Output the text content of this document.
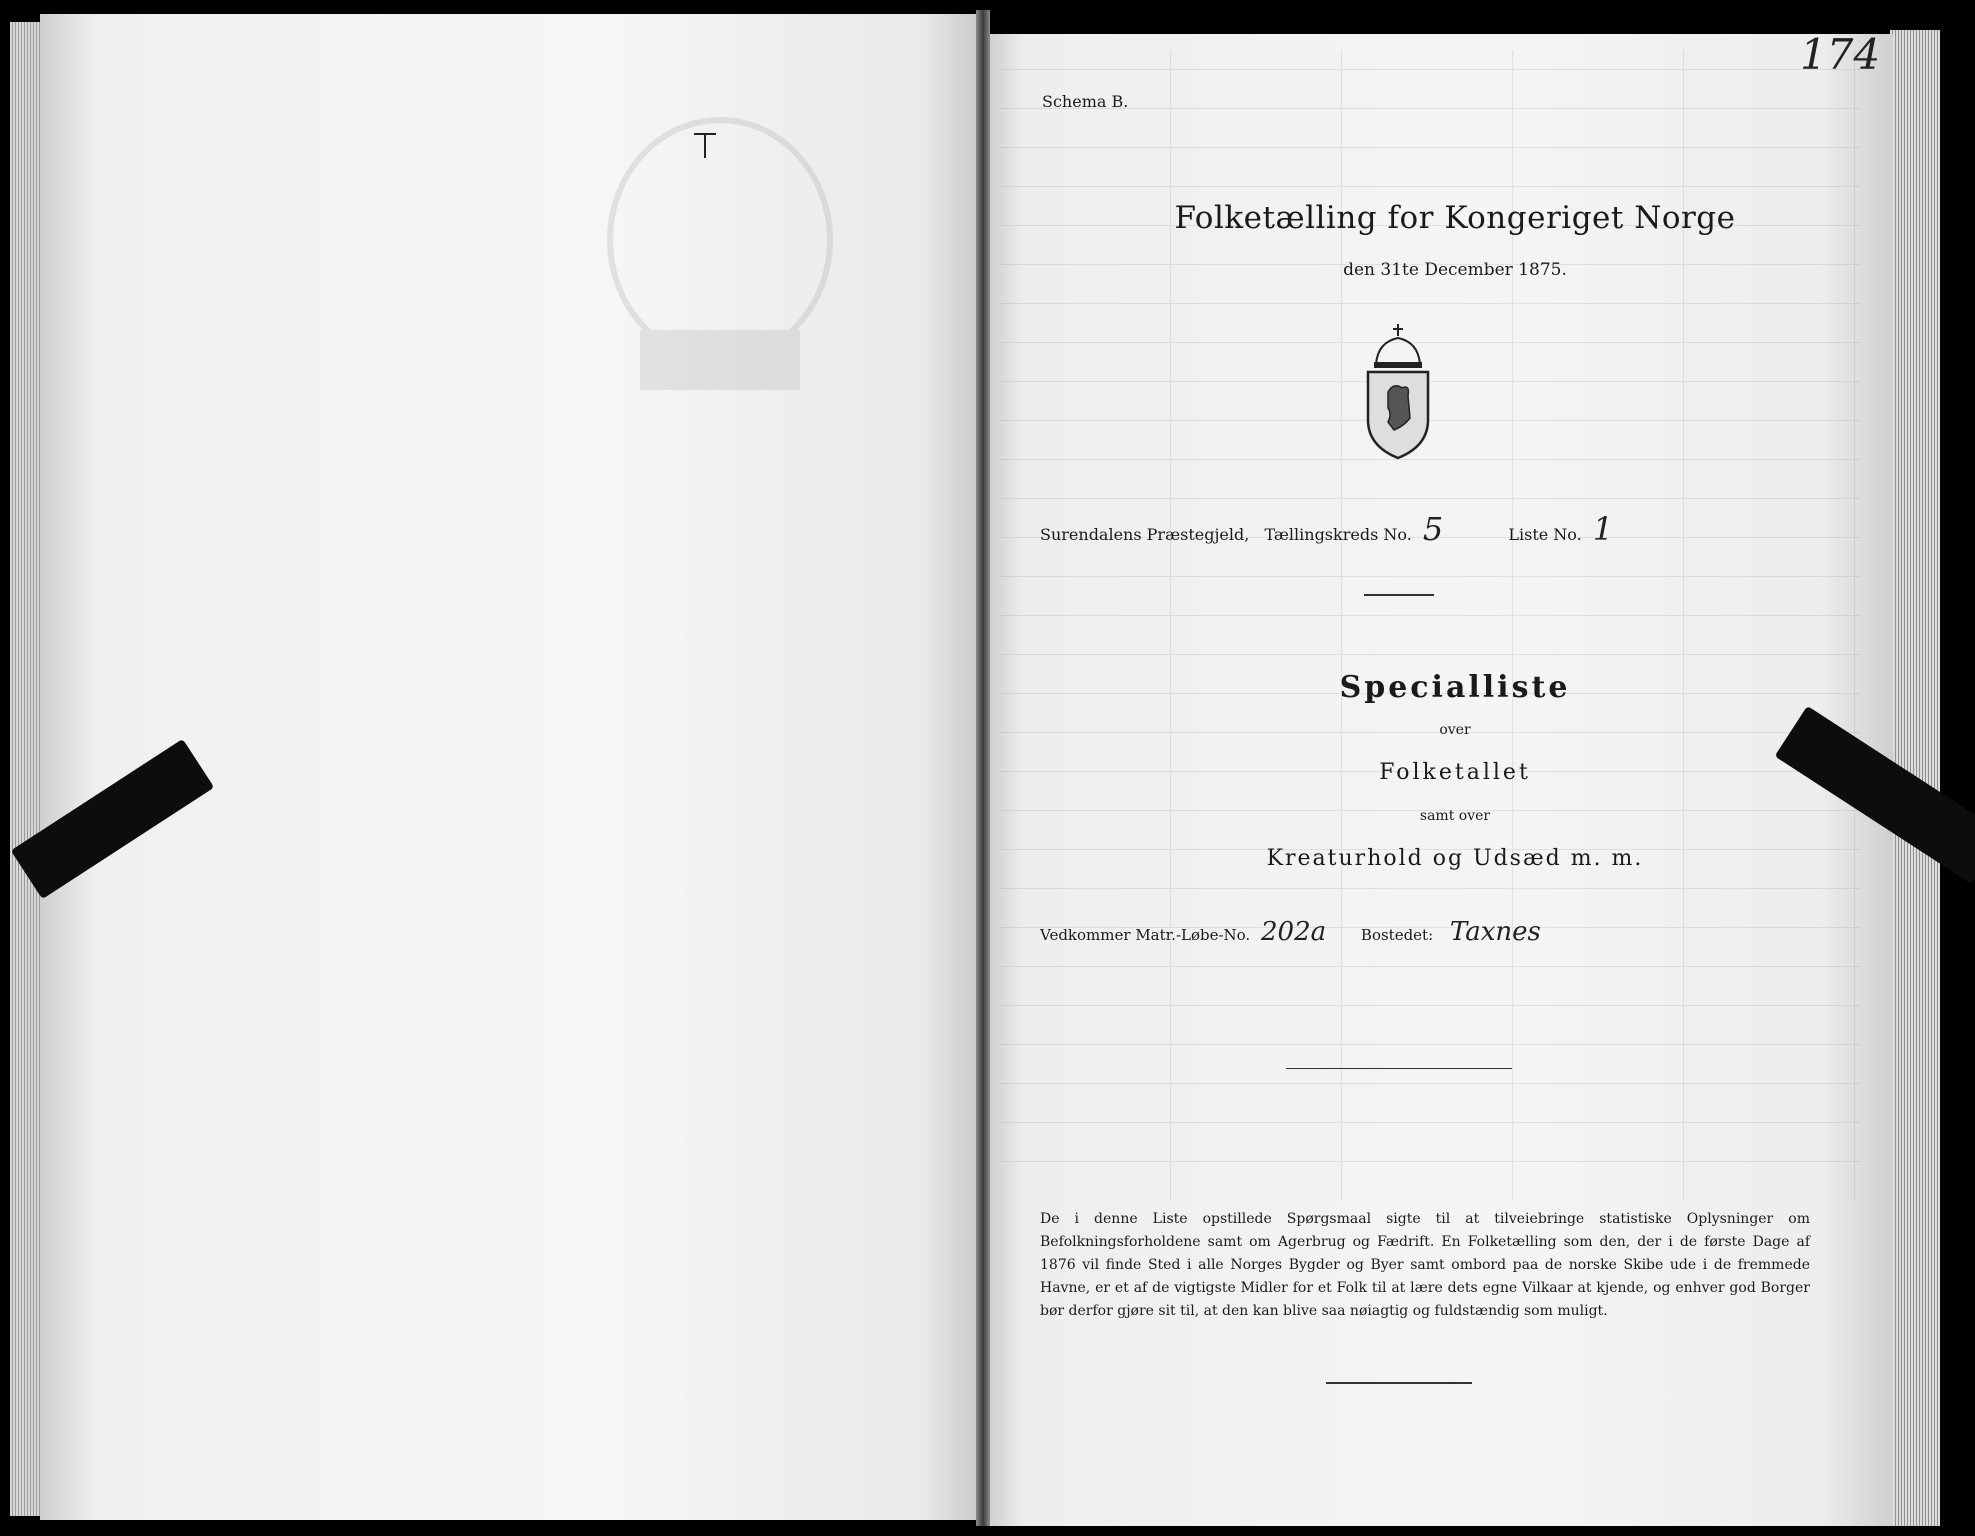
Schema B.
174
Folketælling for Kongeriget Norge
den 31te December 1875.
Surendalens Præstegjeld, Tællingskreds No. 5	Liste No. 1
Specialliste
over
Folketallet
samt over
Kreaturhold og Udsæd m. m.
Vedkommer Matr.-Løbe-No. 202a Bostedet: Taxnes
De i denne Liste opstillede Spørgsmaal sigte til at tilveiebringe statistiske Oplysninger om Befolkningsforholdene samt om Agerbrug og Fædrift. En Folketælling som den, der i de første Dage af 1876 vil finde Sted i alle Norges Bygder og Byer samt ombord paa de norske Skibe ude i de fremmede Havne, er et af de vigtigste Midler for et Folk til at lære dets egne Vilkaar at kjende, og enhver god Borger bør derfor gjøre sit til, at den kan blive saa nøiagtig og fuldstændig som muligt.
